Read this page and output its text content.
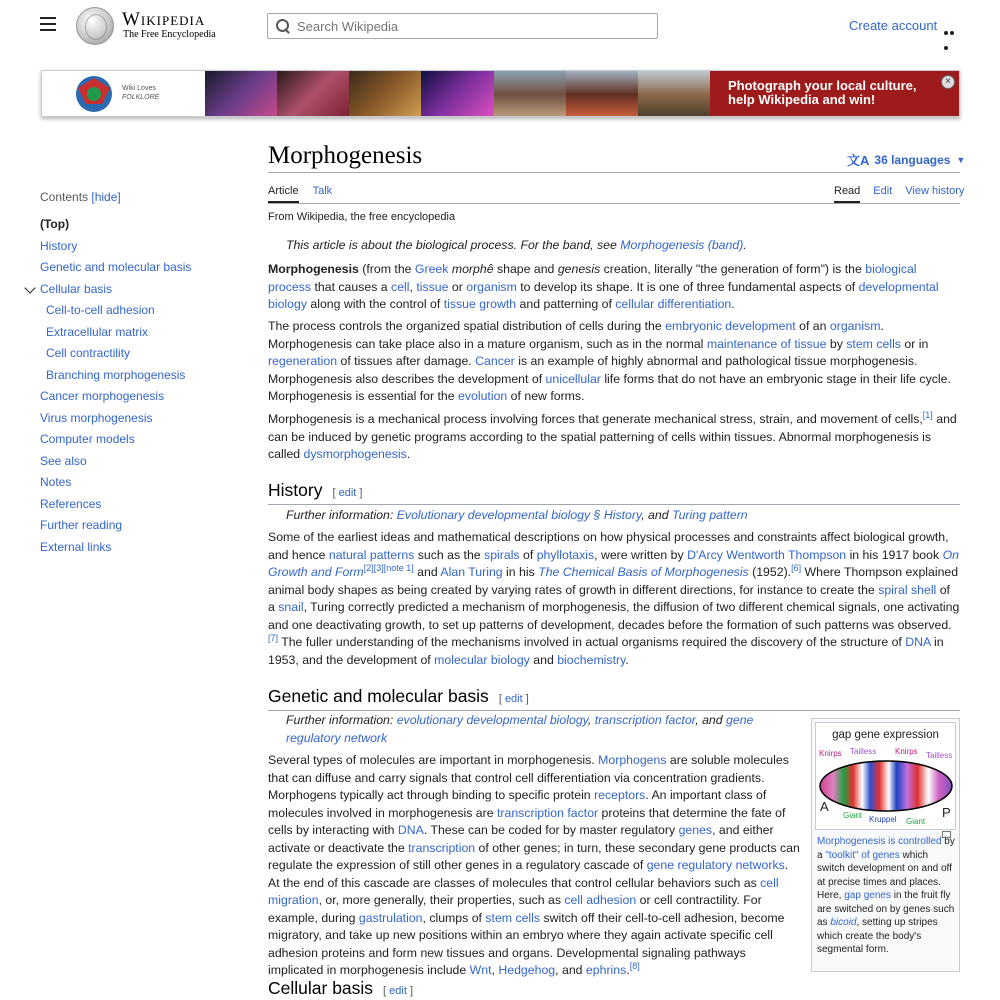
Wikipedia
The Free Encyclopedia
Search Wikipedia
Create account
Wiki Loves
FOLKLORE
Photograph your local culture, help Wikipedia and win!
×
Contents [hide]
(Top)
History
Genetic and molecular basis
Cellular basis
Cell-to-cell adhesion
Extracellular matrix
Cell contractility
Branching morphogenesis
Cancer morphogenesis
Virus morphogenesis
Computer models
See also
Notes
References
Further reading
External links
Morphogenesis	文A 36 languages ▼
Article Talk	Read Edit View history
From Wikipedia, the free encyclopedia
This article is about the biological process. For the band, see Morphogenesis (band).
Morphogenesis (from the Greek morphê shape and genesis creation, literally "the generation of form") is the biological process that causes a cell, tissue or organism to develop its shape. It is one of three fundamental aspects of developmental biology along with the control of tissue growth and patterning of cellular differentiation.
The process controls the organized spatial distribution of cells during the embryonic development of an organism. Morphogenesis can take place also in a mature organism, such as in the normal maintenance of tissue by stem cells or in regeneration of tissues after damage. Cancer is an example of highly abnormal and pathological tissue morphogenesis. Morphogenesis also describes the development of unicellular life forms that do not have an embryonic stage in their life cycle. Morphogenesis is essential for the evolution of new forms.
Morphogenesis is a mechanical process involving forces that generate mechanical stress, strain, and movement of cells,[1] and can be induced by genetic programs according to the spatial patterning of cells within tissues. Abnormal morphogenesis is called dysmorphogenesis.
History [ edit ]
Further information: Evolutionary developmental biology § History, and Turing pattern
Some of the earliest ideas and mathematical descriptions on how physical processes and constraints affect biological growth, and hence natural patterns such as the spirals of phyllotaxis, were written by D'Arcy Wentworth Thompson in his 1917 book On Growth and Form[2][3][note 1] and Alan Turing in his The Chemical Basis of Morphogenesis (1952).[6] Where Thompson explained animal body shapes as being created by varying rates of growth in different directions, for instance to create the spiral shell of a snail, Turing correctly predicted a mechanism of morphogenesis, the diffusion of two different chemical signals, one activating and one deactivating growth, to set up patterns of development, decades before the formation of such patterns was observed.[7] The fuller understanding of the mechanisms involved in actual organisms required the discovery of the structure of DNA in 1953, and the development of molecular biology and biochemistry.
Genetic and molecular basis [ edit ]
Further information: evolutionary developmental biology, transcription factor, and gene regulatory network
Several types of molecules are important in morphogenesis. Morphogens are soluble molecules that can diffuse and carry signals that control cell differentiation via concentration gradients. Morphogens typically act through binding to specific protein receptors. An important class of molecules involved in morphogenesis are transcription factor proteins that determine the fate of cells by interacting with DNA. These can be coded for by master regulatory genes, and either activate or deactivate the transcription of other genes; in turn, these secondary gene products can regulate the expression of still other genes in a regulatory cascade of gene regulatory networks. At the end of this cascade are classes of molecules that control cellular behaviors such as cell migration, or, more generally, their properties, such as cell adhesion or cell contractility. For example, during gastrulation, clumps of stem cells switch off their cell-to-cell adhesion, become migratory, and take up new positions within an embryo where they again activate specific cell adhesion proteins and form new tissues and organs. Developmental signaling pathways implicated in morphogenesis include Wnt, Hedgehog, and ephrins.[8]
gap gene expression
Knirps Tailless Knirps Tailless
A	P
Giant Kruppel Giant
Morphogenesis is controlled by a "toolkit" of genes which switch development on and off at precise times and places. Here, gap genes in the fruit fly are switched on by genes such as bicoid, setting up stripes which create the body's segmental form.
Cellular basis [ edit ]
